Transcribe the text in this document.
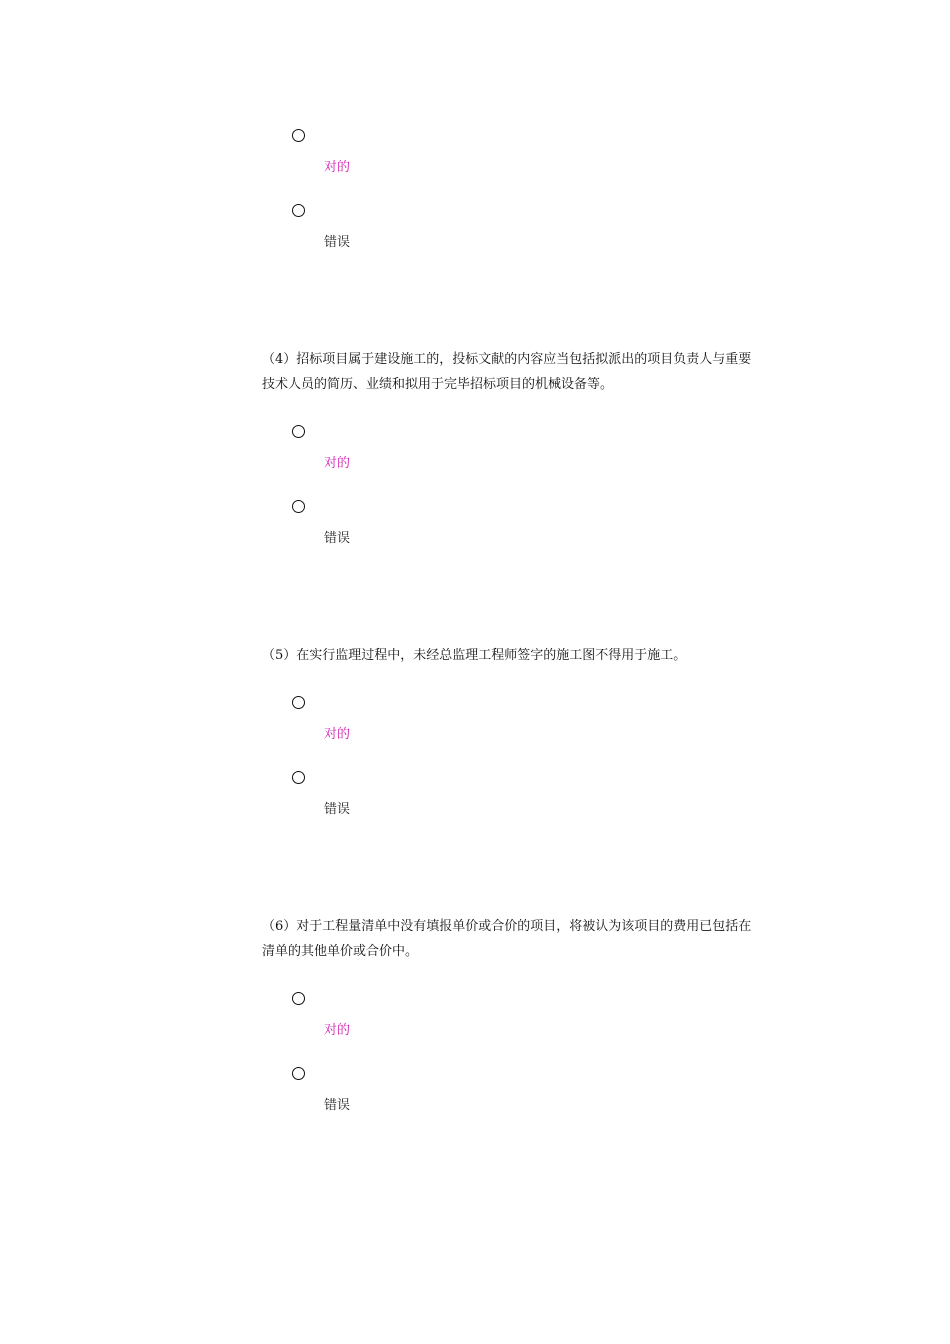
对的
错误

（4）招标项目属于建设施工的，投标文献的内容应当包括拟派出的项目负责人与重要技术人员的简历、业绩和拟用于完毕招标项目的机械设备等。

对的
错误

（5）在实行监理过程中，未经总监理工程师签字的施工图不得用于施工。

对的
错误

（6）对于工程量清单中没有填报单价或合价的项目，将被认为该项目的费用已包括在清单的其他单价或合价中。

对的
错误
